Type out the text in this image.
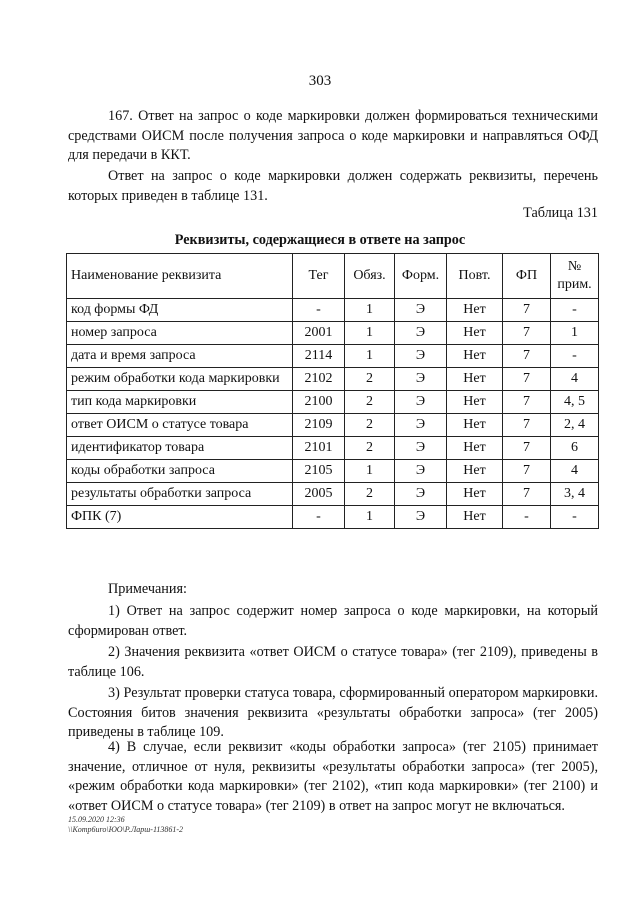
303
167. Ответ на запрос о коде маркировки должен формироваться техническими средствами ОИСМ после получения запроса о коде маркировки и направляться ОФД для передачи в ККТ.
Ответ на запрос о коде маркировки должен содержать реквизиты, перечень которых приведен в таблице 131.
Таблица 131
Реквизиты, содержащиеся в ответе на запрос
Наименование реквизита	Тег	Обяз.	Форм.	Повт.	ФП	№ прим.
код формы ФД	-	1	Э	Нет	7	-
номер запроса	2001	1	Э	Нет	7	1
дата и время запроса	2114	1	Э	Нет	7	-
режим обработки кода маркировки	2102	2	Э	Нет	7	4
тип кода маркировки	2100	2	Э	Нет	7	4, 5
ответ ОИСМ о статусе товара	2109	2	Э	Нет	7	2, 4
идентификатор товара	2101	2	Э	Нет	7	6
коды обработки запроса	2105	1	Э	Нет	7	4
результаты обработки запроса	2005	2	Э	Нет	7	3, 4
ФПК (7)	-	1	Э	Нет	-	-
Примечания:
1) Ответ на запрос содержит номер запроса о коде маркировки, на который сформирован ответ.
2) Значения реквизита «ответ ОИСМ о статусе товара» (тег 2109), приведены в таблице 106.
3) Результат проверки статуса товара, сформированный оператором маркировки. Состояния битов значения реквизита «результаты обработки запроса» (тег 2005) приведены в таблице 109.
4) В случае, если реквизит «коды обработки запроса» (тег 2105) принимает значение, отличное от нуля, реквизиты «результаты обработки запроса» (тег 2005), «режим обработки кода маркировки» (тег 2102), «тип кода маркировки» (тег 2100) и «ответ ОИСМ о статусе товара» (тег 2109) в ответ на запрос могут не включаться.
15.09.2020 12:36
\\Komp6uro\ЮО\Р.Ларш-113861-2
